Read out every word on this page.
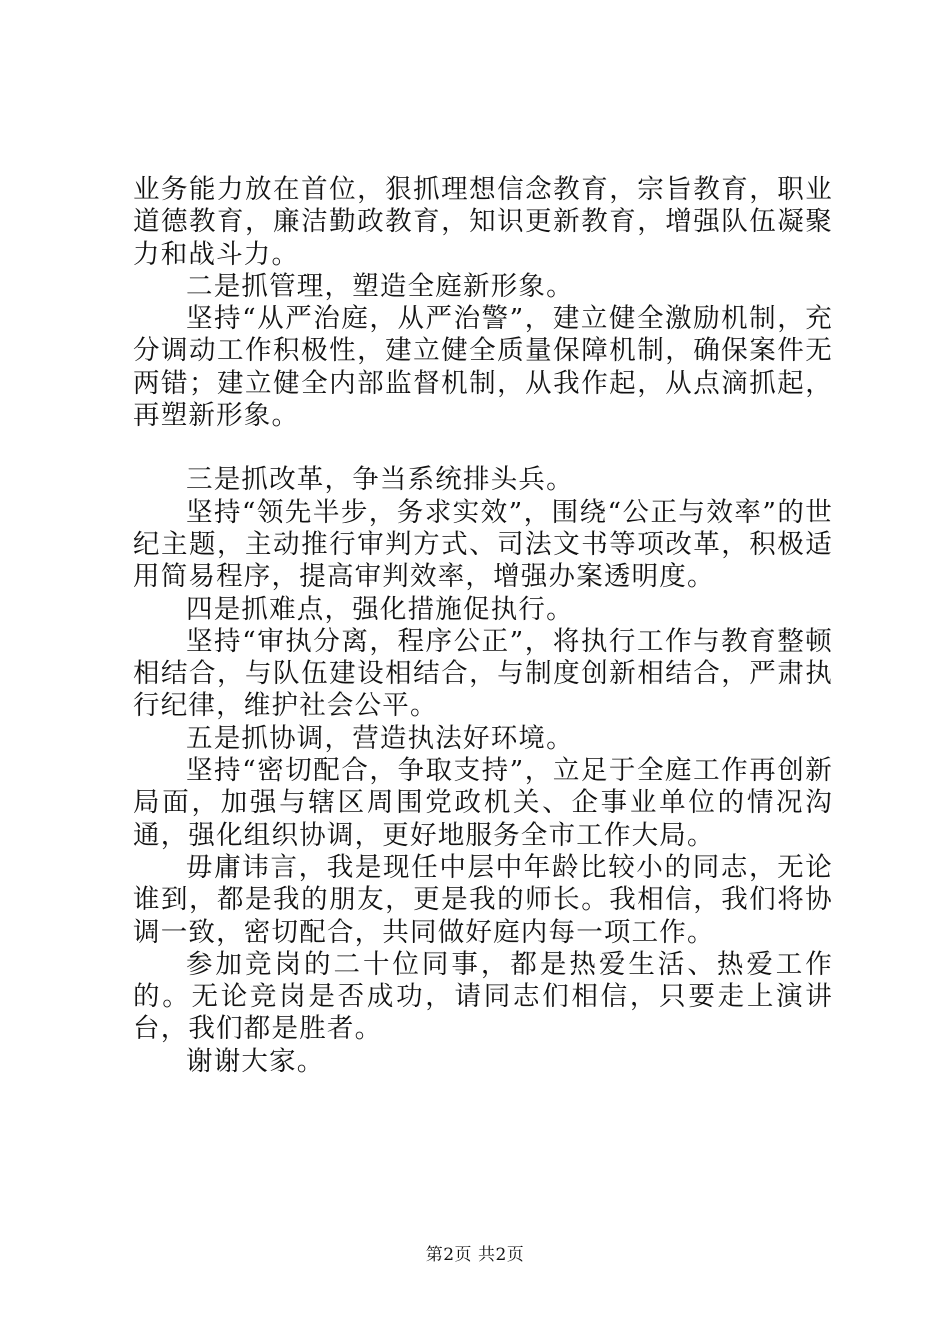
业务能力放在首位，狠抓理想信念教育，宗旨教育，职业道德教育，廉洁勤政教育，知识更新教育，增强队伍凝聚力和战斗力。

二是抓管理，塑造全庭新形象。

坚持“从严治庭，从严治警”，建立健全激励机制，充分调动工作积极性，建立健全质量保障机制，确保案件无两错；建立健全内部监督机制，从我作起，从点滴抓起，再塑新形象。

三是抓改革，争当系统排头兵。

坚持“领先半步，务求实效”，围绕“公正与效率”的世纪主题，主动推行审判方式、司法文书等项改革，积极适用简易程序，提高审判效率，增强办案透明度。

四是抓难点，强化措施促执行。

坚持“审执分离，程序公正”，将执行工作与教育整顿相结合，与队伍建设相结合，与制度创新相结合，严肃执行纪律，维护社会公平。

五是抓协调，营造执法好环境。

坚持“密切配合，争取支持”，立足于全庭工作再创新局面，加强与辖区周围党政机关、企事业单位的情况沟通，强化组织协调，更好地服务全市工作大局。

毋庸讳言，我是现任中层中年龄比较小的同志，无论谁到，都是我的朋友，更是我的师长。我相信，我们将协调一致，密切配合，共同做好庭内每一项工作。

参加竞岗的二十位同事，都是热爱生活、热爱工作的。无论竞岗是否成功，请同志们相信，只要走上演讲台，我们都是胜者。

谢谢大家。

第2页 共2页
